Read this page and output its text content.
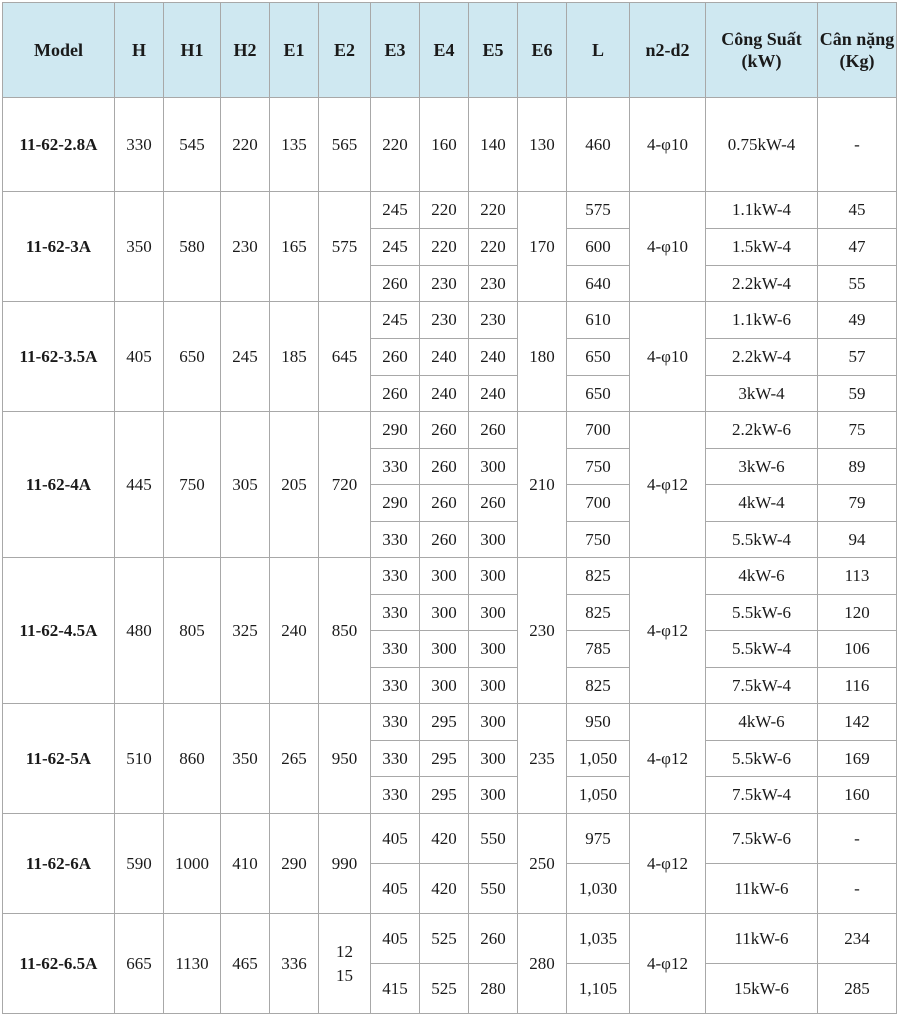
Model	H	H1	H2	E1	E2	E3	E4	E5	E6	L	n2-d2	Công Suất (kW)	Cân nặng (Kg)
11-62-2.8A	330	545	220	135	565	220	160	140	130	460	4-φ10	0.75kW-4	-
11-62-3A	350	580	230	165	575	245	220	220	170	575	4-φ10	1.1kW-4	45
						245	220	220		600		1.5kW-4	47
						260	230	230		640		2.2kW-4	55
11-62-3.5A	405	650	245	185	645	245	230	230	180	610	4-φ10	1.1kW-6	49
						260	240	240		650		2.2kW-4	57
						260	240	240		650		3kW-4	59
11-62-4A	445	750	305	205	720	290	260	260	210	700	4-φ12	2.2kW-6	75
						330	260	300		750		3kW-6	89
						290	260	260		700		4kW-4	79
						330	260	300		750		5.5kW-4	94
11-62-4.5A	480	805	325	240	850	330	300	300	230	825	4-φ12	4kW-6	113
						330	300	300		825		5.5kW-6	120
						330	300	300		785		5.5kW-4	106
						330	300	300		825		7.5kW-4	116
11-62-5A	510	860	350	265	950	330	295	300	235	950	4-φ12	4kW-6	142
						330	295	300		1,050		5.5kW-6	169
						330	295	300		1,050		7.5kW-4	160
11-62-6A	590	1000	410	290	990	405	420	550	250	975	4-φ12	7.5kW-6	-
						405	420	550		1,030		11kW-6	-
11-62-6.5A	665	1130	465	336	1215	405	525	260	280	1,035	4-φ12	11kW-6	234
						415	525	280		1,105		15kW-6	285
